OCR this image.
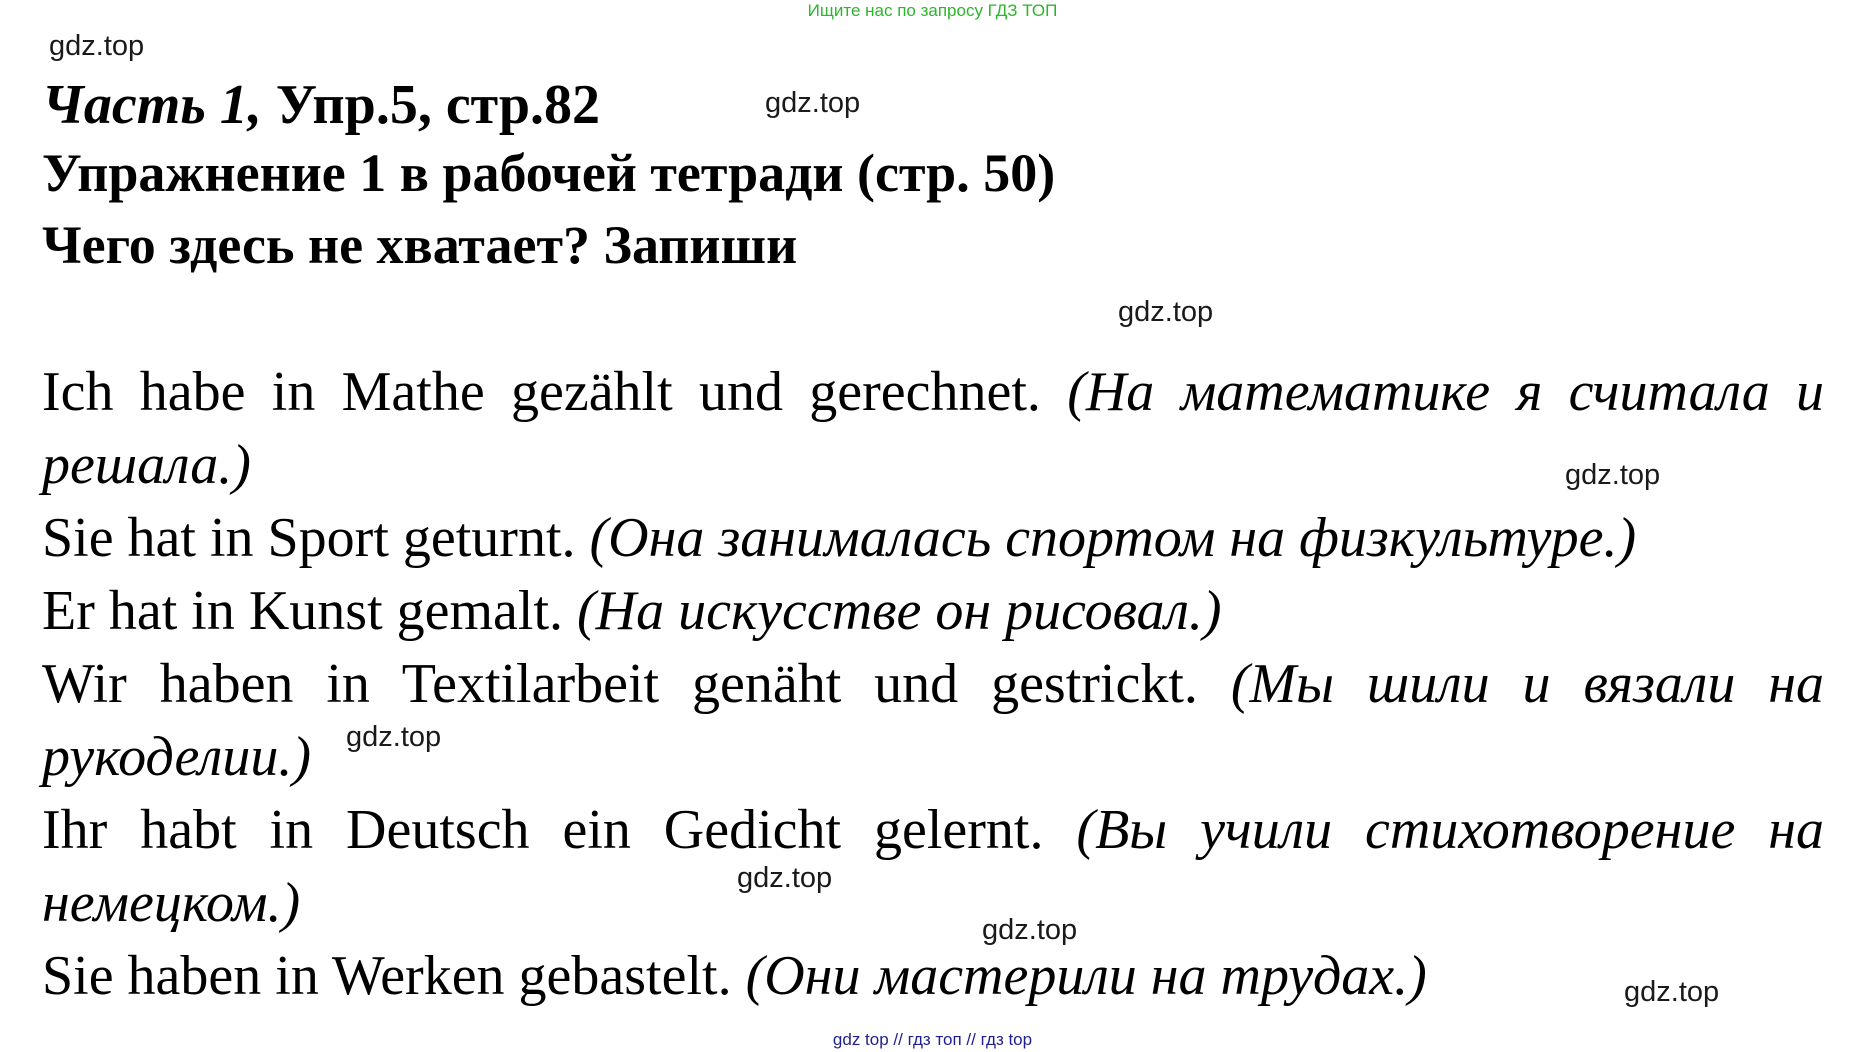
Ищите нас по запросу ГДЗ ТОП
gdz.top
gdz.top
gdz.top
gdz.top
gdz.top
gdz.top
gdz.top
gdz.top
Часть 1, Упр.5, стр.82
Упражнение 1 в рабочей тетради (стр. 50)
Чего здесь не хватает? Запиши

Ich habe in Mathe gezählt und gerechnet. (На математике я считала и решала.)

Sie hat in Sport geturnt. (Она занималась спортом на физкультуре.)

Er hat in Kunst gemalt. (На искусстве он рисовал.)

Wir haben in Textilarbeit genäht und gestrickt. (Мы шили и вязали на рукоделии.)

Ihr habt in Deutsch ein Gedicht gelernt. (Вы учили стихотворение на немецком.)

Sie haben in Werken gebastelt. (Они мастерили на трудах.)

gdz top // гдз топ // гдз top
